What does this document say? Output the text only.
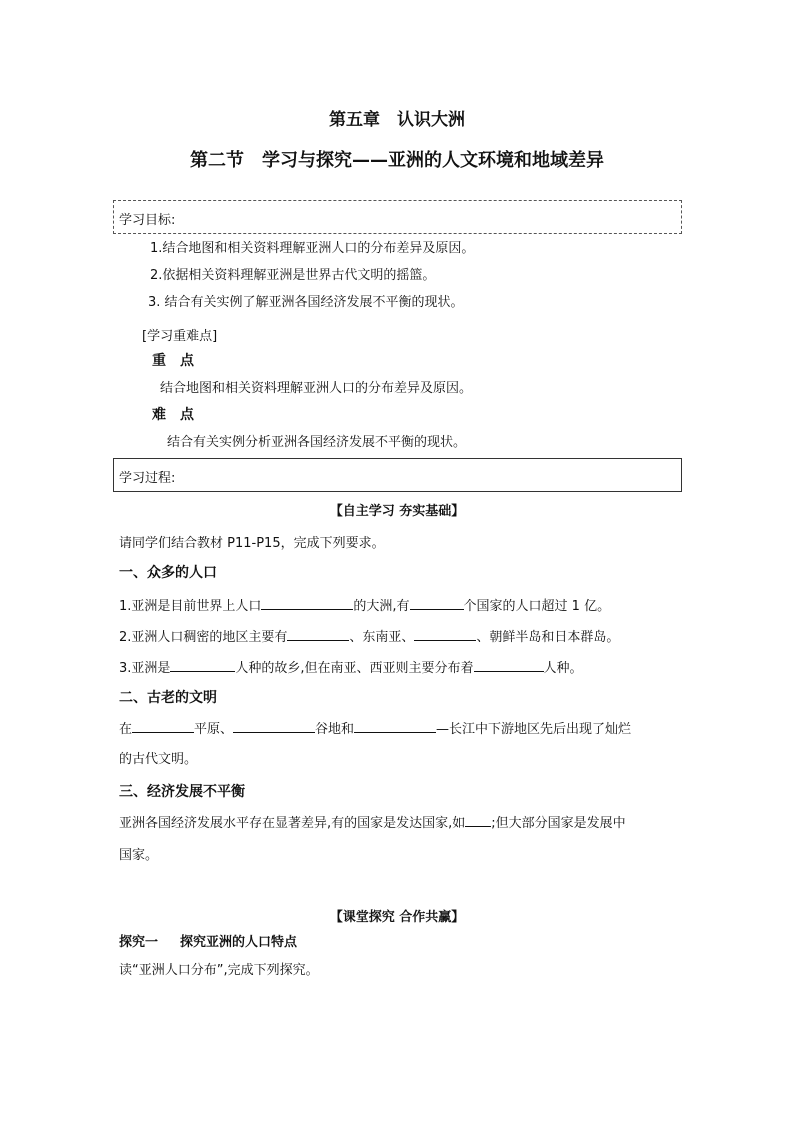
第五章　认识大洲
第二节　学习与探究——亚洲的人文环境和地域差异
学习目标:
1.结合地图和相关资料理解亚洲人口的分布差异及原因。
2.依据相关资料理解亚洲是世界古代文明的摇篮。
3. 结合有关实例了解亚洲各国经济发展不平衡的现状。
[学习重难点]
重　点
结合地图和相关资料理解亚洲人口的分布差异及原因。
难　点
结合有关实例分析亚洲各国经济发展不平衡的现状。
学习过程:
【自主学习 夯实基础】
请同学们结合教材 P11-P15，完成下列要求。
一、众多的人口
1.亚洲是目前世界上人口	的大洲,有	个国家的人口超过 1 亿。
2.亚洲人口稠密的地区主要有	、东南亚、	、朝鲜半岛和日本群岛。
3.亚洲是	人种的故乡,但在南亚、西亚则主要分布着	人种。
二、古老的文明
在	平原、	谷地和	—长江中下游地区先后出现了灿烂
的古代文明。
三、经济发展不平衡
亚洲各国经济发展水平存在显著差异,有的国家是发达国家,如 ;但大部分国家是发展中
国家。
【课堂探究 合作共赢】
探究一 探究亚洲的人口特点
读“亚洲人口分布”,完成下列探究。
